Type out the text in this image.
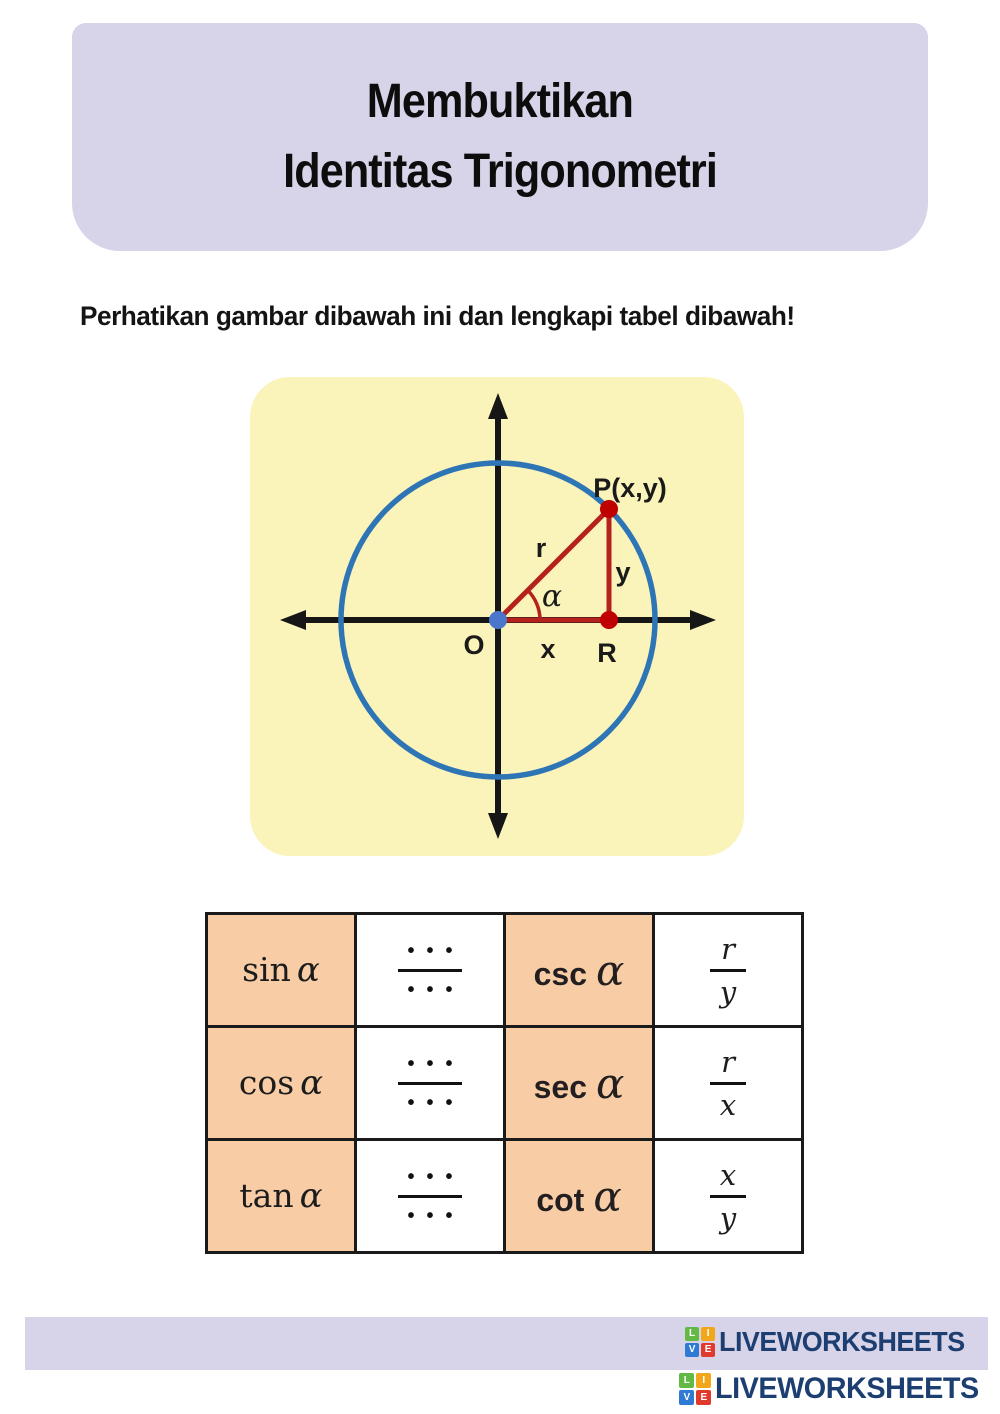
Membuktikan
Identitas Trigonometri
Perhatikan gambar dibawah ini dan lengkapi tabel dibawah!
P(x,y)
r
α
y
x
O	R
sin α	$\frac{•••}{•••}$	csc α	$\frac{r}{y}$

cos α	$\frac{•••}{•••}$	sec α	$\frac{r}{x}$

tan α	$\frac{•••}{•••}$	cot α	$\frac{x}{y}$
L	I
V E LIVEWORKSHEETS
L	I
V	E LIVEWORKSHEETS
